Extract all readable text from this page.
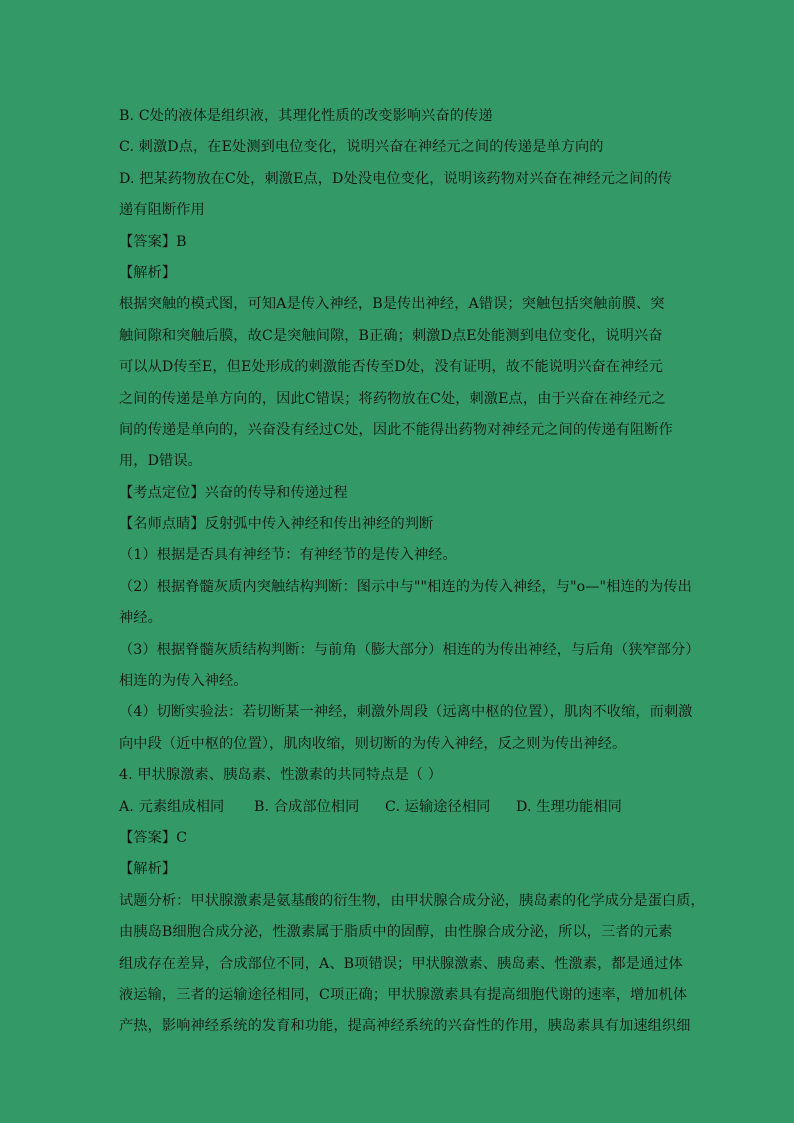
B. C处的液体是组织液，其理化性质的改变影响兴奋的传递
C. 刺激D点，在E处测到电位变化，说明兴奋在神经元之间的传递是单方向的
D. 把某药物放在C处，刺激E点，D处没电位变化，说明该药物对兴奋在神经元之间的传
递有阻断作用
【答案】B
【解析】
根据突触的模式图，可知A是传入神经，B是传出神经，A错误；突触包括突触前膜、突
触间隙和突触后膜，故C是突触间隙，B正确；刺激D点E处能测到电位变化，说明兴奋
可以从D传至E，但E处形成的刺激能否传至D处，没有证明，故不能说明兴奋在神经元
之间的传递是单方向的，因此C错误；将药物放在C处，刺激E点，由于兴奋在神经元之
间的传递是单向的，兴奋没有经过C处，因此不能得出药物对神经元之间的传递有阻断作
用，D错误。
【考点定位】兴奋的传导和传递过程
【名师点睛】反射弧中传入神经和传出神经的判断
（1）根据是否具有神经节：有神经节的是传入神经。
（2）根据脊髓灰质内突触结构判断：图示中与""相连的为传入神经，与"o—"相连的为传出
神经。
（3）根据脊髓灰质结构判断：与前角（膨大部分）相连的为传出神经，与后角（狭窄部分）
相连的为传入神经。
（4）切断实验法：若切断某一神经，刺激外周段（远离中枢的位置），肌肉不收缩，而刺激
向中段（近中枢的位置），肌肉收缩，则切断的为传入神经，反之则为传出神经。
4. 甲状腺激素、胰岛素、性激素的共同特点是（ ）
A. 元素组成相同 B. 合成部位相同 C. 运输途径相同 D. 生理功能相同
【答案】C
【解析】
试题分析：甲状腺激素是氨基酸的衍生物，由甲状腺合成分泌，胰岛素的化学成分是蛋白质，
由胰岛B细胞合成分泌，性激素属于脂质中的固醇，由性腺合成分泌，所以，三者的元素
组成存在差异，合成部位不同，A、B项错误；甲状腺激素、胰岛素、性激素，都是通过体
液运输，三者的运输途径相同，C项正确；甲状腺激素具有提高细胞代谢的速率，增加机体
产热，影响神经系统的发育和功能，提高神经系统的兴奋性的作用，胰岛素具有加速组织细
